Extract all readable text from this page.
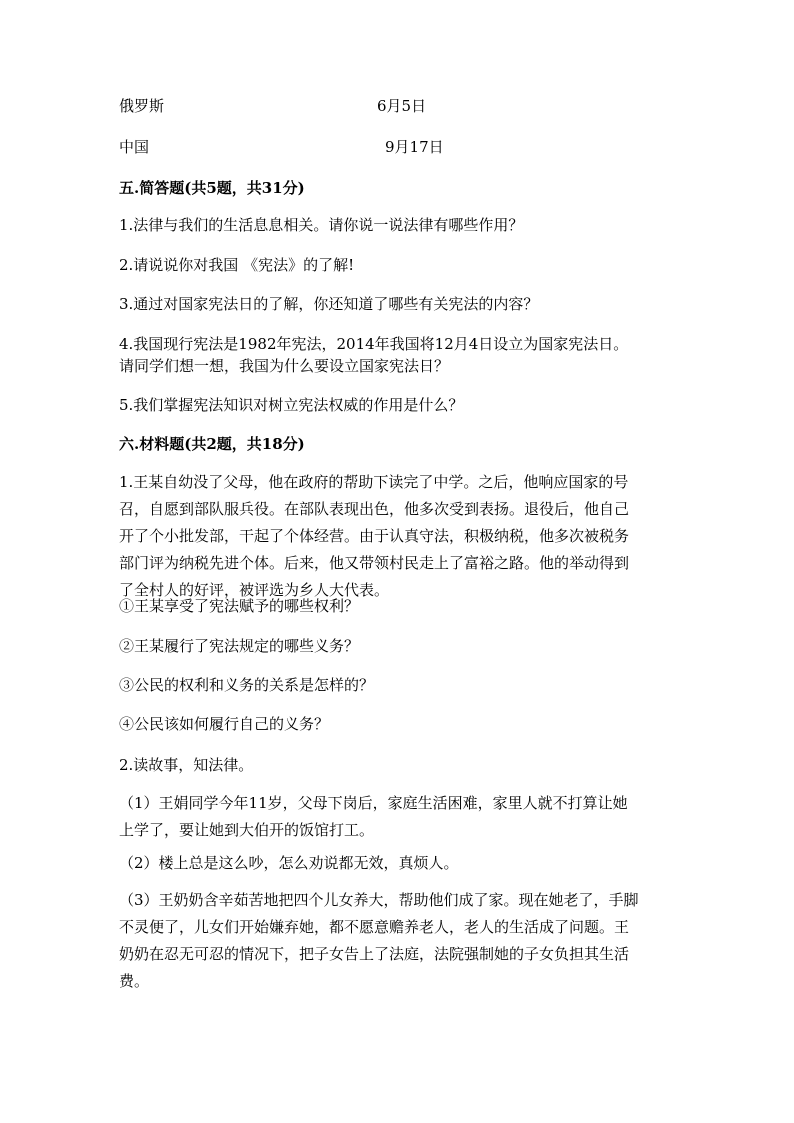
俄罗斯	6月5日
中国	9月17日
五.简答题(共5题，共31分)
1.法律与我们的生活息息相关。请你说一说法律有哪些作用？
2.请说说你对我国 《宪法》的了解!
3.通过对国家宪法日的了解，你还知道了哪些有关宪法的内容？
4.我国现行宪法是1982年宪法，2014年我国将12月4日设立为国家宪法日。
请同学们想一想，我国为什么要设立国家宪法日？
5.我们掌握宪法知识对树立宪法权威的作用是什么？
六.材料题(共2题，共18分)
1.王某自幼没了父母，他在政府的帮助下读完了中学。之后，他响应国家的号
召，自愿到部队服兵役。在部队表现出色，他多次受到表扬。退役后，他自己
开了个小批发部，干起了个体经营。由于认真守法，积极纳税，他多次被税务
部门评为纳税先进个体。后来，他又带领村民走上了富裕之路。他的举动得到
了全村人的好评，被评选为乡人大代表。
①王某享受了宪法赋予的哪些权利？
②王某履行了宪法规定的哪些义务？
③公民的权利和义务的关系是怎样的？
④公民该如何履行自己的义务？
2.读故事，知法律。
（1）王娟同学今年11岁，父母下岗后，家庭生活困难，家里人就不打算让她
上学了，要让她到大伯开的饭馆打工。
（2）楼上总是这么吵，怎么劝说都无效，真烦人。
（3）王奶奶含辛茹苦地把四个儿女养大，帮助他们成了家。现在她老了，手脚
不灵便了，儿女们开始嫌弃她，都不愿意赡养老人，老人的生活成了问题。王
奶奶在忍无可忍的情况下，把子女告上了法庭，法院强制她的子女负担其生活
费。
